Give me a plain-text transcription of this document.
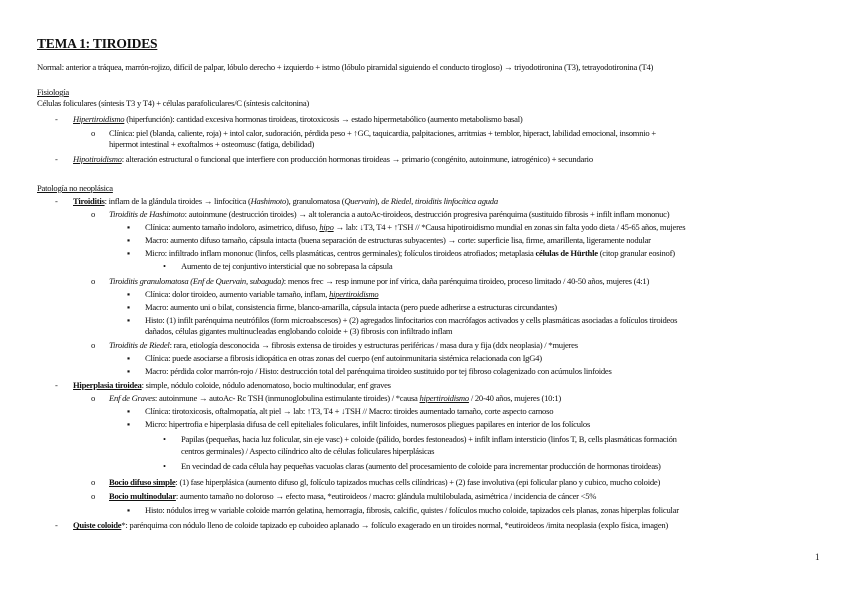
TEMA 1: TIROIDES
Normal: anterior a tráquea, marrón-rojizo, difícil de palpar, lóbulo derecho + izquierdo + istmo (lóbulo piramidal siguiendo el conducto tirogloso) → triyodotironina (T3), tetrayodotironina (T4)
Fisiología
Células foliculares (síntesis T3 y T4) + células parafoliculares/C (síntesis calcitonina)
- Hipertiroidismo (hiperfunción): cantidad excesiva hormonas tiroideas, tirotoxicosis → estado hipermetabólico (aumento metabolismo basal)
o Clínica: piel (blanda, caliente, roja) + intol calor, sudoración, pérdida peso + ↑GC, taquicardia, palpitaciones, arritmias + temblor, hiperact, labilidad emocional, insomnio +
hipermot intestinal + exoftalmos + osteomusc (fatiga, debilidad)
- Hipotiroidismo: alteración estructural o funcional que interfiere con producción hormonas tiroideas → primario (congénito, autoinmune, iatrogénico) + secundario
Patología no neoplásica
- Tiroiditis: inflam de la glándula tiroides → linfocítica (Hashimoto), granulomatosa (Quervain), de Riedel, tiroiditis linfocítica aguda
o Tiroiditis de Hashimoto: autoinmune (destrucción tiroides) → alt tolerancia a autoAc-tiroideos, destrucción progresiva parénquima (sustituido fibrosis + infilt inflam mononuc)
▪ Clínica: aumento tamaño indoloro, asimetrico, difuso, hipo → lab: ↓T3, T4 + ↑TSH // *Causa hipotiroidismo mundial en zonas sin falta yodo dieta / 45-65 años, mujeres
▪ Macro: aumento difuso tamaño, cápsula intacta (buena separación de estructuras subyacentes) → corte: superficie lisa, firme, amarillenta, ligeramente nodular
▪ Micro: infiltrado inflam mononuc (linfos, cells plasmáticas, centros germinales); folículos tiroideos atrofiados; metaplasia células de Hürthle (citop granular eosinof)
• Aumento de tej conjuntivo intersticial que no sobrepasa la cápsula
o Tiroiditis granulomatosa (Enf de Quervain, subaguda): menos frec → resp inmune por inf vírica, daña parénquima tiroideo, proceso limitado / 40-50 años, mujeres (4:1)
▪ Clínica: dolor tiroideo, aumento variable tamaño, inflam, hipertiroidismo
▪ Macro: aumento uni o bilat, consistencia firme, blanco-amarilla, cápsula intacta (pero puede adherirse a estructuras circundantes)
▪ Histo: (1) infilt parénquima neutrófilos (form microabscesos) + (2) agregados linfocitarios con macrófagos activados y cells plasmáticas asociadas a folículos tiroideos
dañados, células gigantes multinucleadas englobando coloide + (3) fibrosis con infiltrado inflam
o Tiroiditis de Riedel: rara, etiología desconocida → fibrosis extensa de tiroides y estructuras periféricas / masa dura y fija (ddx neoplasia) / *mujeres
▪ Clínica: puede asociarse a fibrosis idiopática en otras zonas del cuerpo (enf autoinmunitaria sistémica relacionada con IgG4)
▪ Macro: pérdida color marrón-rojo / Histo: destrucción total del parénquima tiroideo sustituido por tej fibroso colagenizado con acúmulos linfoides
- Hiperplasia tiroidea: simple, nódulo coloide, nódulo adenomatoso, bocio multinodular, enf graves
o Enf de Graves: autoinmune → autoAc- Rc TSH (inmunoglobulina estimulante tiroides) / *causa hipertiroidismo / 20-40 años, mujeres (10:1)
▪ Clínica: tirotoxicosis, oftalmopatía, alt piel → lab: ↑T3, T4 + ↓TSH // Macro: tiroides aumentado tamaño, corte aspecto carnoso
▪ Micro: hipertrofia e hiperplasia difusa de cell epiteliales foliculares, infilt linfoides, numerosos pliegues papilares en interior de los folículos
• Papilas (pequeñas, hacia luz folicular, sin eje vasc) + coloide (pálido, bordes festoneados) + infilt inflam intersticio (linfos T, B, cells plasmáticas formación
centros germinales) / Aspecto cilíndrico alto de células foliculares hiperplásicas
• En vecindad de cada célula hay pequeñas vacuolas claras (aumento del procesamiento de coloide para incrementar producción de hormonas tiroideas)
o Bocio difuso simple: (1) fase hiperplásica (aumento difuso gl, folículo tapizados muchas cells cilíndricas) + (2) fase involutiva (epi folicular plano y cubico, mucho coloide)
o Bocio multinodular: aumento tamaño no doloroso → efecto masa, *eutiroideos / macro: glándula multilobulada, asimétrica / incidencia de cáncer <5%
▪ Histo: nódulos irreg w variable coloide marrón gelatina, hemorragia, fibrosis, calcific, quistes / folículos mucho coloide, tapizados cels planas, zonas hiperplas folicular
- Quiste coloide*: parénquima con nódulo lleno de coloide tapizado ep cuboideo aplanado → folículo exagerado en un tiroides normal, *eutiroideos /imita neoplasia (explo física, imagen)
1
